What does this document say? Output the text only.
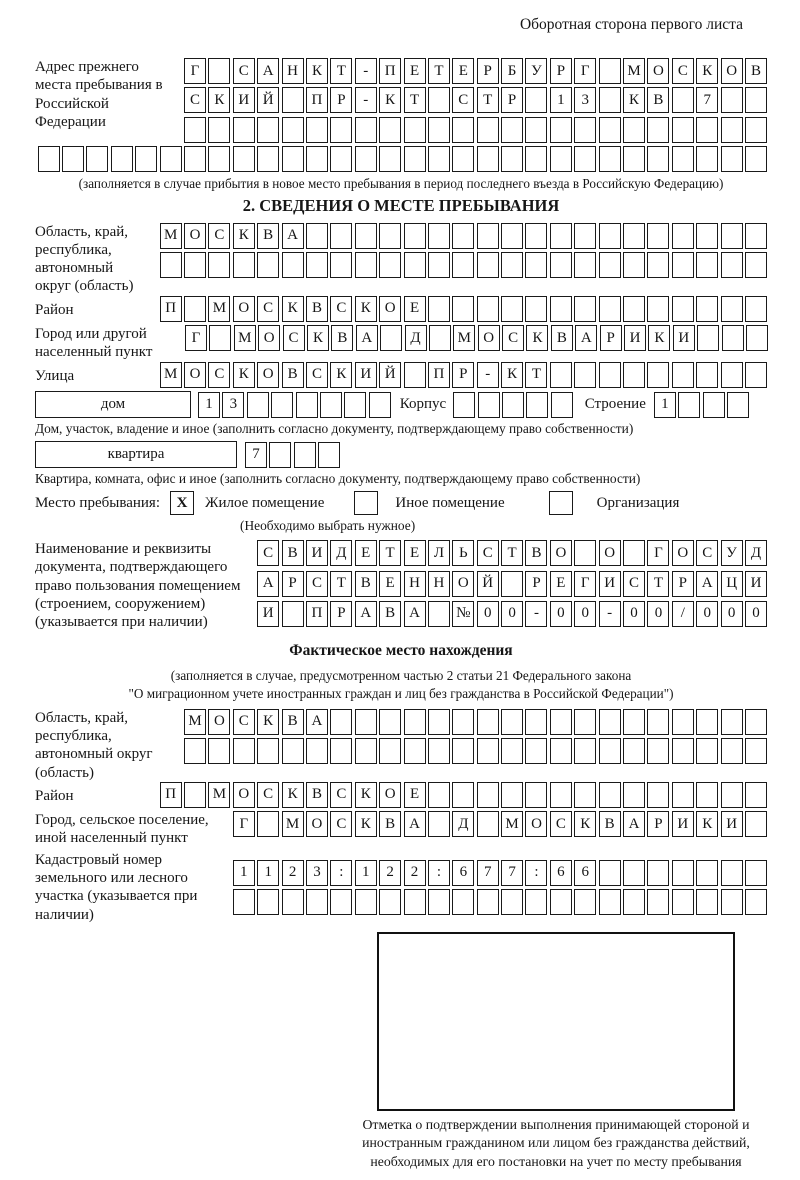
Оборотная сторона первого листа
Адрес прежнего места пребывания в Российской Федерации
Г	С А Н К Т	-	П Е	Т	Е	Р	Б У Р	Г	М О С К О В
С К И Й	П Р	-	К Т	С Т	Р	1	3	К В	7
(заполняется в случае прибытия в новое место пребывания в период последнего въезда в Российскую Федерацию)
2. СВЕДЕНИЯ О МЕСТЕ ПРЕБЫВАНИЯ
Область, край, республика, автономный округ (область)
М О С К В А
Район	П	М О С К В С К О Е
Город или другой населенный пункт
Г	М О С К В А	Д	М О С К В А Р И К И
Улица	М О С К О В С К И Й	П Р	-	К Т
дом	1	3	Корпус	Строение	1
Дом, участок, владение и иное (заполнить согласно документу, подтверждающему право собственности)
квартира	7
Квартира, комната, офис и иное (заполнить согласно документу, подтверждающему право собственности)
Место пребывания:	X	Жилое помещение	Иное помещение	Организация
(Необходимо выбрать нужное)
Наименование и реквизиты документа, подтверждающего право пользования помещением (строением, сооружением) (указывается при наличии)
С В И Д Е	Т	Е Л Ь	С Т В О	О	Г О С У Д
А Р	С Т В Е Н Н О Й	Р	Е	Г И С Т	Р А Ц И
И	П Р А В А	№ 0	0	-	0	0	-	0	0	/	0	0	0
Фактическое место нахождения
(заполняется в случае, предусмотренном частью 2 статьи 21 Федерального закона
"О миграционном учете иностранных граждан и лиц без гражданства в Российской Федерации")
Область, край, республика, автономный округ (область)
М О С К В А
Район	П	М О С К В С К О Е
Город, сельское поселение, иной населенный пункт
Г	М О С К В А	Д	М О С К В А Р И К И
Кадастровый номер земельного или лесного участка (указывается при наличии)
1	1	2	3	:	1	2	2	:	6	7	7	:	6	6
Отметка о подтверждении выполнения принимающей стороной и иностранным гражданином или лицом без гражданства действий, необходимых для его постановки на учет по месту пребывания
